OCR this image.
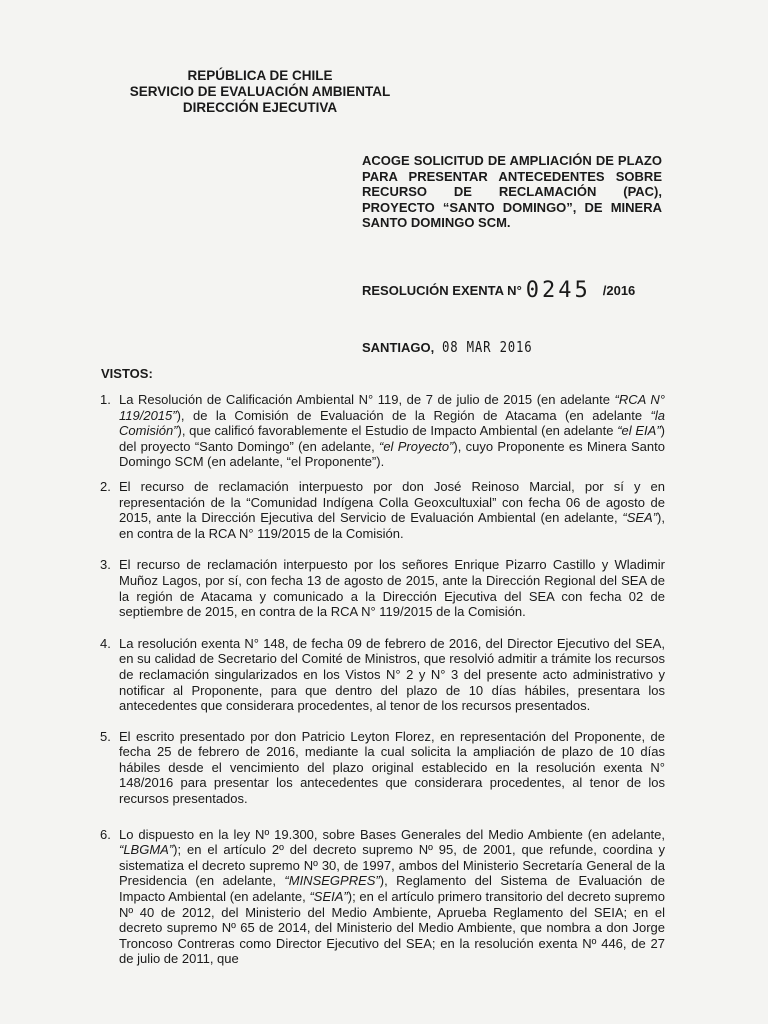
REPÚBLICA DE CHILE
SERVICIO DE EVALUACIÓN AMBIENTAL
DIRECCIÓN EJECUTIVA
ACOGE SOLICITUD DE AMPLIACIÓN DE PLAZO PARA PRESENTAR ANTECEDENTES SOBRE RECURSO DE RECLAMACIÓN (PAC), PROYECTO “SANTO DOMINGO”, DE MINERA SANTO DOMINGO SCM.
RESOLUCIÓN EXENTA N° 0245 /2016
SANTIAGO, 08 MAR 2016
VISTOS:
1. La Resolución de Calificación Ambiental N° 119, de 7 de julio de 2015 (en adelante “RCA N° 119/2015”), de la Comisión de Evaluación de la Región de Atacama (en adelante “la Comisión”), que calificó favorablemente el Estudio de Impacto Ambiental (en adelante “el EIA”) del proyecto “Santo Domingo” (en adelante, “el Proyecto”), cuyo Proponente es Minera Santo Domingo SCM (en adelante, “el Proponente”).
2. El recurso de reclamación interpuesto por don José Reinoso Marcial, por sí y en representación de la “Comunidad Indígena Colla Geoxcultuxial” con fecha 06 de agosto de 2015, ante la Dirección Ejecutiva del Servicio de Evaluación Ambiental (en adelante, “SEA”), en contra de la RCA N° 119/2015 de la Comisión.
3. El recurso de reclamación interpuesto por los señores Enrique Pizarro Castillo y Wladimir Muñoz Lagos, por sí, con fecha 13 de agosto de 2015, ante la Dirección Regional del SEA de la región de Atacama y comunicado a la Dirección Ejecutiva del SEA con fecha 02 de septiembre de 2015, en contra de la RCA N° 119/2015 de la Comisión.
4. La resolución exenta N° 148, de fecha 09 de febrero de 2016, del Director Ejecutivo del SEA, en su calidad de Secretario del Comité de Ministros, que resolvió admitir a trámite los recursos de reclamación singularizados en los Vistos N° 2 y N° 3 del presente acto administrativo y notificar al Proponente, para que dentro del plazo de 10 días hábiles, presentara los antecedentes que considerara procedentes, al tenor de los recursos presentados.
5. El escrito presentado por don Patricio Leyton Florez, en representación del Proponente, de fecha 25 de febrero de 2016, mediante la cual solicita la ampliación de plazo de 10 días hábiles desde el vencimiento del plazo original establecido en la resolución exenta N° 148/2016 para presentar los antecedentes que considerara procedentes, al tenor de los recursos presentados.
6. Lo dispuesto en la ley Nº 19.300, sobre Bases Generales del Medio Ambiente (en adelante, “LBGMA”); en el artículo 2º del decreto supremo Nº 95, de 2001, que refunde, coordina y sistematiza el decreto supremo Nº 30, de 1997, ambos del Ministerio Secretaría General de la Presidencia (en adelante, “MINSEGPRES”), Reglamento del Sistema de Evaluación de Impacto Ambiental (en adelante, “SEIA”); en el artículo primero transitorio del decreto supremo Nº 40 de 2012, del Ministerio del Medio Ambiente, Aprueba Reglamento del SEIA; en el decreto supremo Nº 65 de 2014, del Ministerio del Medio Ambiente, que nombra a don Jorge Troncoso Contreras como Director Ejecutivo del SEA; en la resolución exenta Nº 446, de 27 de julio de 2011, que
